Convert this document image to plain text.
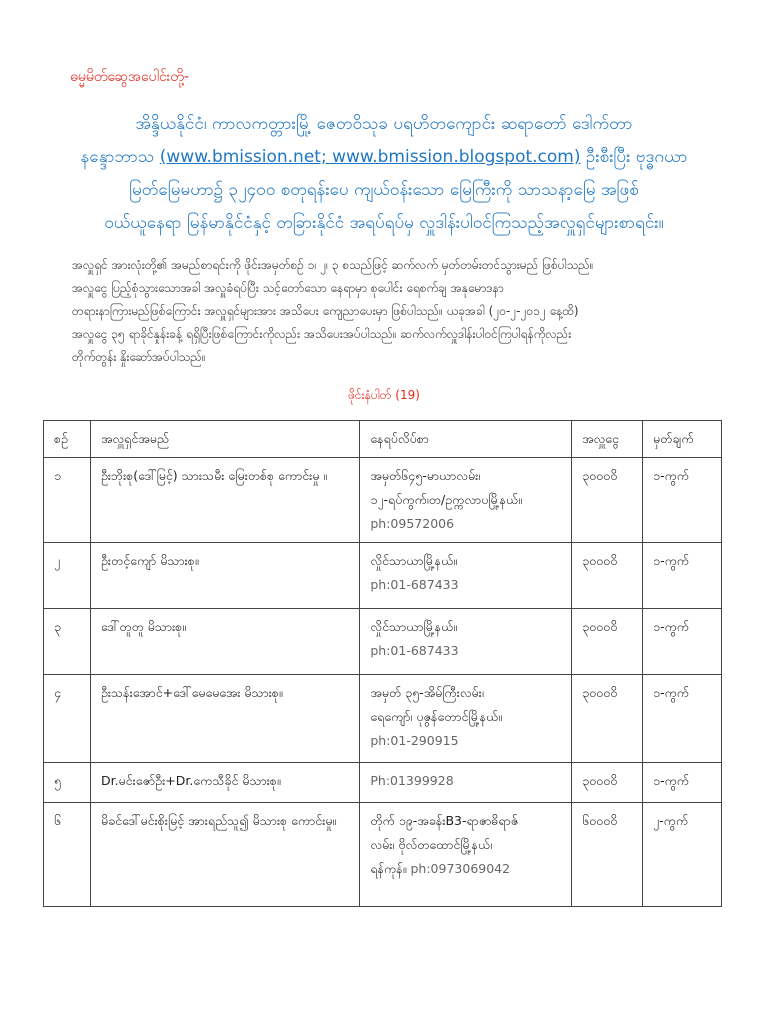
ဓမ္မမိတ်ဆွေအပေါင်းတို့-
အိန္ဒိယနိုင်ငံ၊ ကာလကတ္တားမြို့ ဇေတဝိသုခ ပရဟိတကျောင်း ဆရာတော် ဒေါက်တာ
နန္ဒောဘာသ (www.bmission.net; www.bmission.blogspot.com) ဦးစီးပြီး ဗုဒ္ဓဂယာ
မြတ်မြေမဟာ၌ ၃၂၄၀၀ စတုရန်းပေ ကျယ်ဝန်းသော မြေကြီးကို သာသနာ့မြေ အဖြစ်
ဝယ်ယူနေရာ မြန်မာနိုင်ငံနှင့် တခြားနိုင်ငံ အရပ်ရပ်မှ လှူဒါန်းပါဝင်ကြသည့်အလှူရှင်များစာရင်း။
အလှူရှင် အားလုံးတို့၏ အမည်စာရင်းကို ဖိုင်းအမှတ်စဉ် ၁၊ ၂၊ ၃ စသည်ဖြင့် ဆက်လက် မှတ်တမ်းတင်သွားမည် ဖြစ်ပါသည်။
အလှူငွေ ပြည့်စုံသွားသောအခါ အလှူခံရပ်ပြီး သင့်တော်သော နေရာမှာ စုပေါင်း ရေစက်ချ အနုမောဒနာ
တရားနာကြားမည်ဖြစ်ကြောင်း အလှူရှင်များအား အသိပေး ကျေညာပေးမှာ ဖြစ်ပါသည်။ ယခုအခါ (၂၀-၂-၂၀၁၂ နေ့ထိ)
အလှူငွေ ၃၅ ရာခိုင်နှုန်းခန့် ရရှိပြီးဖြစ်ကြောင်းကိုလည်း အသိပေးအပ်ပါသည်။ ဆက်လက်လှူဒါန်းပါဝင်ကြပါရန်ကိုလည်း
တိုက်တွန်း နှိုးဆော်အပ်ပါသည်။
ဖိုင်းနံပါတ် (19)
စဉ်	အလှူရှင်အမည်	နေရပ်လိပ်စာ	အလှူငွေ	မှတ်ချက်
၁	ဦးဘိုးစု(ဒေါ်မြင့်) သားသမီး မြေးတစ်စု ကောင်းမှု ။	အမှတ်၆၄၅-မာယာလမ်း၊
၁၂-ရပ်ကွက်၊တ/ဥက္ကလာပမြို့နယ်။
ph:09572006	၃၀၀၀၀ိ	၁-ကွက်
၂	ဦးတင့်ကျော် မိသားစု။	လှိုင်သာယာမြို့နယ်။
ph:01-687433	၃၀၀၀၀ိ	၁-ကွက်
၃	ဒေါ်တူတူ မိသားစု။	လှိုင်သာယာမြို့နယ်။
ph:01-687433	၃၀၀၀၀ိ	၁-ကွက်
၄	ဦးသန်းအောင်+ဒေါ်မေမေအေး မိသားစု။	အမှတ် ၃၅-အိမ်ကြီးလမ်း၊
ရေကျော်၊ ပုဇွန်တောင်မြို့နယ်။
ph:01-290915	၃၀၀၀၀ိ	၁-ကွက်
၅	Dr.မင်းဇော်ဦး+Dr.ကေသီခိုင် မိသားစု။	Ph:01399928	၃၀၀၀၀ိ	၁-ကွက်
၆	မိခင်ဒေါ်မင်းစိုးမြင့် အားရည်သူ၍ မိသားစု ကောင်းမှု။	တိုက် ၁၉-အခန်းB3-ရာဇာဓိရာဇ်
လမ်း၊ ဗိုလ်တထောင်မြို့နယ်၊
ရန်ကုန်။ ph:0973069042	၆၀၀၀၀ိ	၂-ကွက်
